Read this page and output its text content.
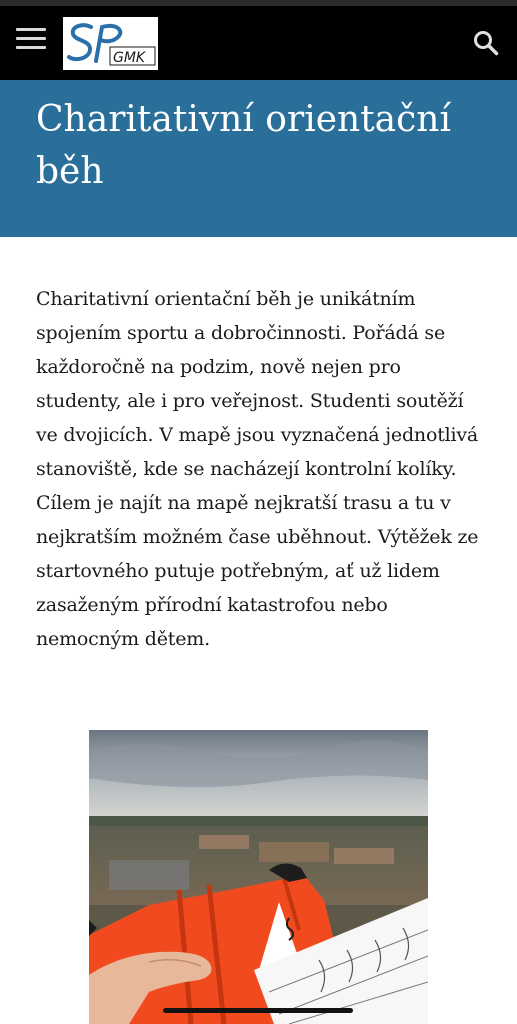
GMK
Charitativní orientační běh
Charitativní orientační běh je unikátním spojením sportu a dobročinnosti. Pořádá se každoročně na podzim, nově nejen pro studenty, ale i pro veřejnost. Studenti soutěží ve dvojicích. V mapě jsou vyznačená jednotlivá stanoviště, kde se nacházejí kontrolní kolíky. Cílem je najít na mapě nejkratší trasu a tu v nejkratším možném čase uběhnout. Výtěžek ze startovného putuje potřebným, ať už lidem zasaženým přírodní katastrofou nebo nemocným dětem.
